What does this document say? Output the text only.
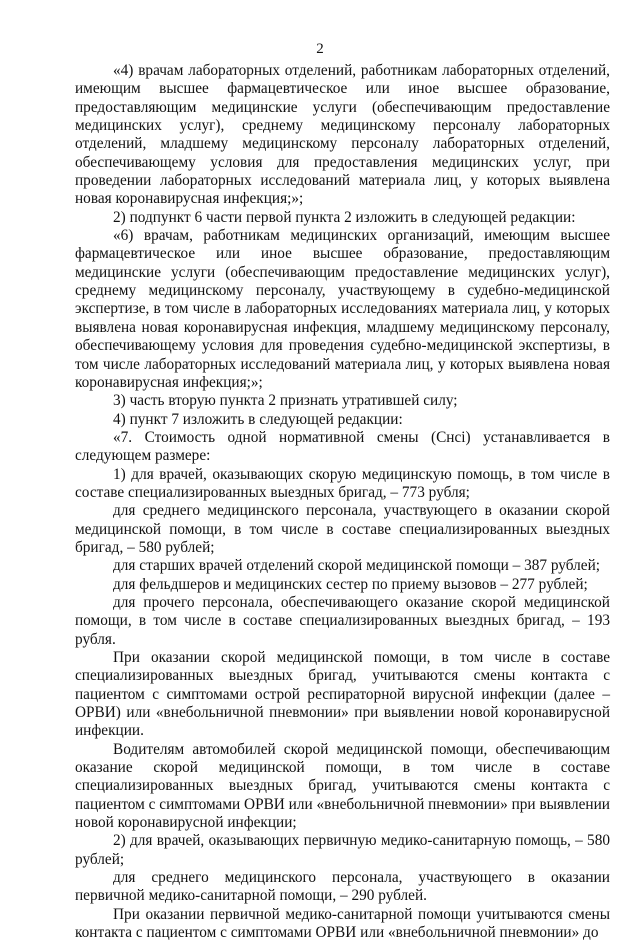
2

«4) врачам лабораторных отделений, работникам лабораторных отделений, имеющим высшее фармацевтическое или иное высшее образование, предоставляющим медицинские услуги (обеспечивающим предоставление медицинских услуг), среднему медицинскому персоналу лабораторных отделений, младшему медицинскому персоналу лабораторных отделений, обеспечивающему условия для предоставления медицинских услуг, при проведении лабораторных исследований материала лиц, у которых выявлена новая коронавирусная инфекция;»;

2) подпункт 6 части первой пункта 2 изложить в следующей редакции:

«6) врачам, работникам медицинских организаций, имеющим высшее фармацевтическое или иное высшее образование, предоставляющим медицинские услуги (обеспечивающим предоставление медицинских услуг), среднему медицинскому персоналу, участвующему в судебно-медицинской экспертизе, в том числе в лабораторных исследованиях материала лиц, у которых выявлена новая коронавирусная инфекция, младшему медицинскому персоналу, обеспечивающему условия для проведения судебно-медицинской экспертизы, в том числе лабораторных исследований материала лиц, у которых выявлена новая коронавирусная инфекция;»;

3) часть вторую пункта 2 признать утратившей силу;

4) пункт 7 изложить в следующей редакции:

«7. Стоимость одной нормативной смены (Cнсi) устанавливается в следующем размере:

1) для врачей, оказывающих скорую медицинскую помощь, в том числе в составе специализированных выездных бригад, – 773 рубля;

для среднего медицинского персонала, участвующего в оказании скорой медицинской помощи, в том числе в составе специализированных выездных бригад, – 580 рублей;

для старших врачей отделений скорой медицинской помощи – 387 рублей;

для фельдшеров и медицинских сестер по приему вызовов – 277 рублей;

для прочего персонала, обеспечивающего оказание скорой медицинской помощи, в том числе в составе специализированных выездных бригад, – 193 рубля.

При оказании скорой медицинской помощи, в том числе в составе специализированных выездных бригад, учитываются смены контакта с пациентом с симптомами острой респираторной вирусной инфекции (далее – ОРВИ) или «внебольничной пневмонии» при выявлении новой коронавирусной инфекции.

Водителям автомобилей скорой медицинской помощи, обеспечивающим оказание скорой медицинской помощи, в том числе в составе специализированных выездных бригад, учитываются смены контакта с пациентом с симптомами ОРВИ или «внебольничной пневмонии» при выявлении новой коронавирусной инфекции;

2) для врачей, оказывающих первичную медико-санитарную помощь, – 580 рублей;

для среднего медицинского персонала, участвующего в оказании первичной медико-санитарной помощи, – 290 рублей.

При оказании первичной медико-санитарной помощи учитываются смены контакта с пациентом с симптомами ОРВИ или «внебольничной пневмонии» до
